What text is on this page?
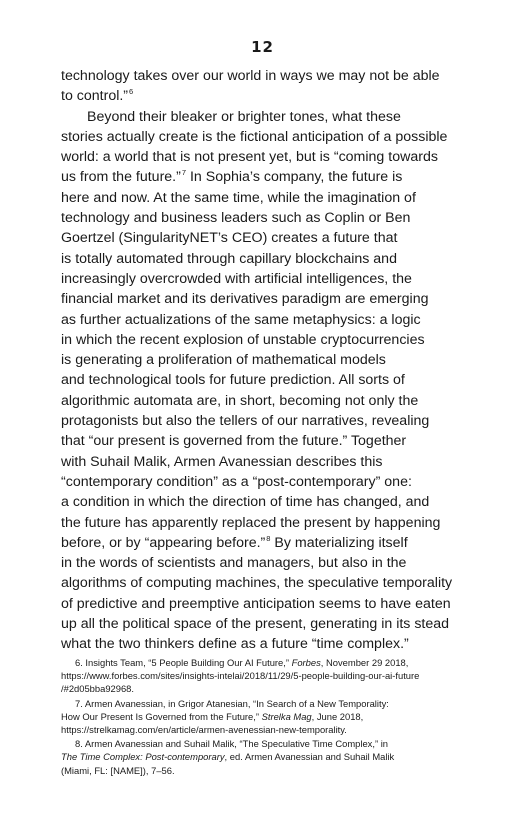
12
technology takes over our world in ways we may not be able
to control.”$^6$
Beyond their bleaker or brighter tones, what these
stories actually create is the fictional anticipation of a possible
world: a world that is not present yet, but is “coming towards
us from the future.”$^7$ In Sophia’s company, the future is
here and now. At the same time, while the imagination of
technology and business leaders such as Coplin or Ben
Goertzel (SingularityNET’s CEO) creates a future that
is totally automated through capillary blockchains and
increasingly overcrowded with artificial intelligences, the
financial market and its derivatives paradigm are emerging
as further actualizations of the same metaphysics: a logic
in which the recent explosion of unstable cryptocurrencies
is generating a proliferation of mathematical models
and technological tools for future prediction. All sorts of
algorithmic automata are, in short, becoming not only the
protagonists but also the tellers of our narratives, revealing
that “our present is governed from the future.” Together
with Suhail Malik, Armen Avanessian describes this
“contemporary condition” as a “post-contemporary” one:
a condition in which the direction of time has changed, and
the future has apparently replaced the present by happening
before, or by “appearing before.”$^8$ By materializing itself
in the words of scientists and managers, but also in the
algorithms of computing machines, the speculative temporality
of predictive and preemptive anticipation seems to have eaten
up all the political space of the present, generating in its stead
what the two thinkers define as a future “time complex.”
6. Insights Team, “5 People Building Our AI Future,” Forbes, November 29 2018,
https://www.forbes.com/sites/insights-intelai/2018/11/29/5-people-building-our-ai-future
/#2d05bba92968.
7. Armen Avanessian, in Grigor Atanesian, “In Search of a New Temporality:
How Our Present Is Governed from the Future,” Strelka Mag, June 2018,
https://strelkamag.com/en/article/armen-avenessian-new-temporality.
8. Armen Avanessian and Suhail Malik, “The Speculative Time Complex,” in
The Time Complex: Post-contemporary, ed. Armen Avanessian and Suhail Malik
(Miami, FL: [NAME]), 7–56.
